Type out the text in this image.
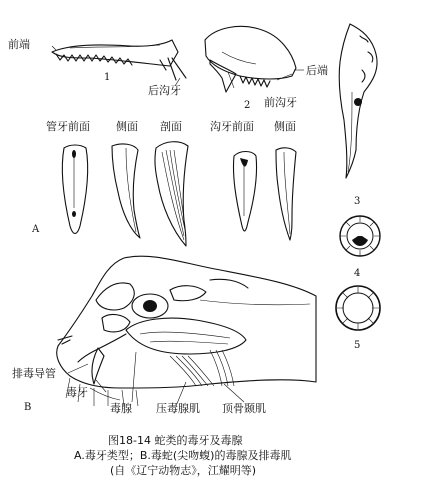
前端
后沟牙
后端
前沟牙
管牙前面 侧面 剖面	沟牙前面 侧面
排毒导管
毒牙
毒腺 压毒腺肌 顶骨颞肌
1
2
3
4
5
A
B
图18-14 蛇类的毒牙及毒腺
A.毒牙类型；B.毒蛇(尖吻蝮)的毒腺及排毒肌
(自《辽宁动物志》，江耀明等)
